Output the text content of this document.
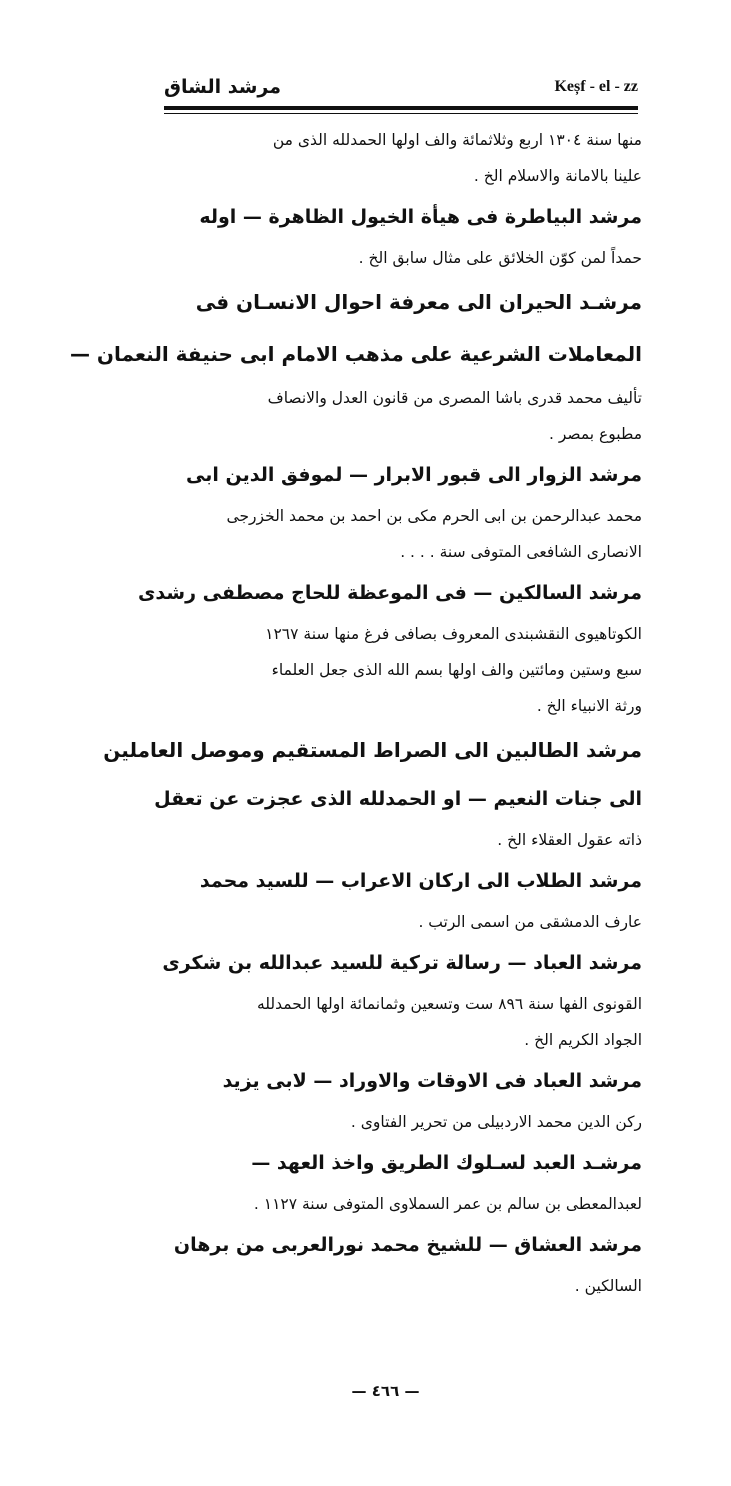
مرشد الشاق	Keșf - el - zz
منها سنة ١٣٠٤ اربع وثلاثمائة والف اولها الحمدلله الذى من
علينا بالامانة والاسلام الخ .
مرشد البياطرة فى هيأة الخيول الظاهرة — اوله
حمداً لمن كوّن الخلائق على مثال سابق الخ .
مرشـد الحيران الى معرفة احوال الانسـان فى
المعاملات الشرعية على مذهب الامام ابى حنيفة النعمان —
تأليف محمد قدرى باشا المصرى من قانون العدل والانصاف
مطبوع بمصر .
مرشد الزوار الى قبور الابرار — لموفق الدين ابى
محمد عبدالرحمن بن ابى الحرم مكى بن احمد بن محمد الخزرجى
الانصارى الشافعى المتوفى سنة . . . .
مرشد السالكين — فى الموعظة للحاج مصطفى رشدى
الكوتاهيوى النقشبندى المعروف بصافى فرغ منها سنة ١٢٦٧
سبع وستين ومائتين والف اولها بسم الله الذى جعل العلماء
ورثة الانبياء الخ .
مرشد الطالبين الى الصراط المستقيم وموصل العاملين
الى جنات النعيم — او الحمدلله الذى عجزت عن تعقل
ذاته عقول العقلاء الخ .
مرشد الطلاب الى اركان الاعراب — للسيد محمد
عارف الدمشقى من اسمى الرتب .
مرشد العباد — رسالة تركية للسيد عبدالله بن شكرى
القونوى الفها سنة ٨٩٦ ست وتسعين وثمانمائة اولها الحمدلله
الجواد الكريم الخ .
مرشد العباد فى الاوقات والاوراد — لابى يزيد
ركن الدين محمد الاردبيلى من تحرير الفتاوى .
مرشـد العبد لسـلوك الطريق واخذ العهد —
لعبدالمعطى بن سالم بن عمر السملاوى المتوفى سنة ١١٢٧ .
مرشد العشاق — للشيخ محمد نورالعربى من برهان
السالكين .
— ٤٦٦ —
